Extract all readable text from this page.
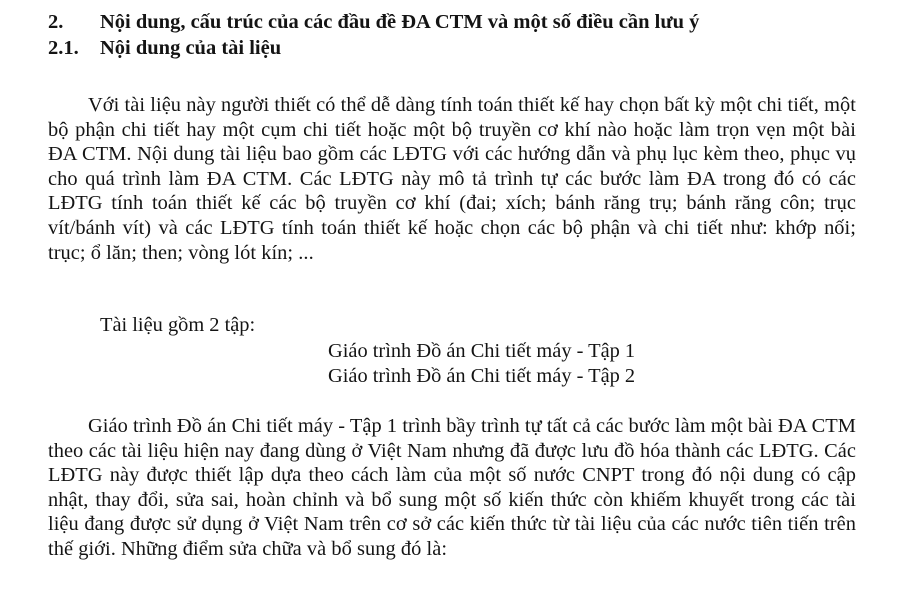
2. Nội dung, cấu trúc của các đầu đề ĐA CTM và một số điều cần lưu ý
2.1. Nội dung của tài liệu

Với tài liệu này người thiết có thể dễ dàng tính toán thiết kế hay chọn bất kỳ một chi tiết, một bộ phận chi tiết hay một cụm chi tiết hoặc một bộ truyền cơ khí nào hoặc làm trọn vẹn một bài ĐA CTM. Nội dung tài liệu bao gồm các LĐTG với các hướng dẫn và phụ lục kèm theo, phục vụ cho quá trình làm ĐA CTM. Các LĐTG này mô tả trình tự các bước làm ĐA trong đó có các LĐTG tính toán thiết kế các bộ truyền cơ khí (đai; xích; bánh răng trụ; bánh răng côn; trục vít/bánh vít) và các LĐTG tính toán thiết kế hoặc chọn các bộ phận và chi tiết như: khớp nối; trục; ổ lăn; then; vòng lót kín; ...

Tài liệu gồm 2 tập:
Giáo trình Đồ án Chi tiết máy - Tập 1
Giáo trình Đồ án Chi tiết máy - Tập 2

Giáo trình Đồ án Chi tiết máy - Tập 1 trình bầy trình tự tất cả các bước làm một bài ĐA CTM theo các tài liệu hiện nay đang dùng ở Việt Nam nhưng đã được lưu đồ hóa thành các LĐTG. Các LĐTG này được thiết lập dựa theo cách làm của một số nước CNPT trong đó nội dung có cập nhật, thay đổi, sửa sai, hoàn chỉnh và bổ sung một số kiến thức còn khiếm khuyết trong các tài liệu đang được sử dụng ở Việt Nam trên cơ sở các kiến thức từ tài liệu của các nước tiên tiến trên thế giới. Những điểm sửa chữa và bổ sung đó là:
